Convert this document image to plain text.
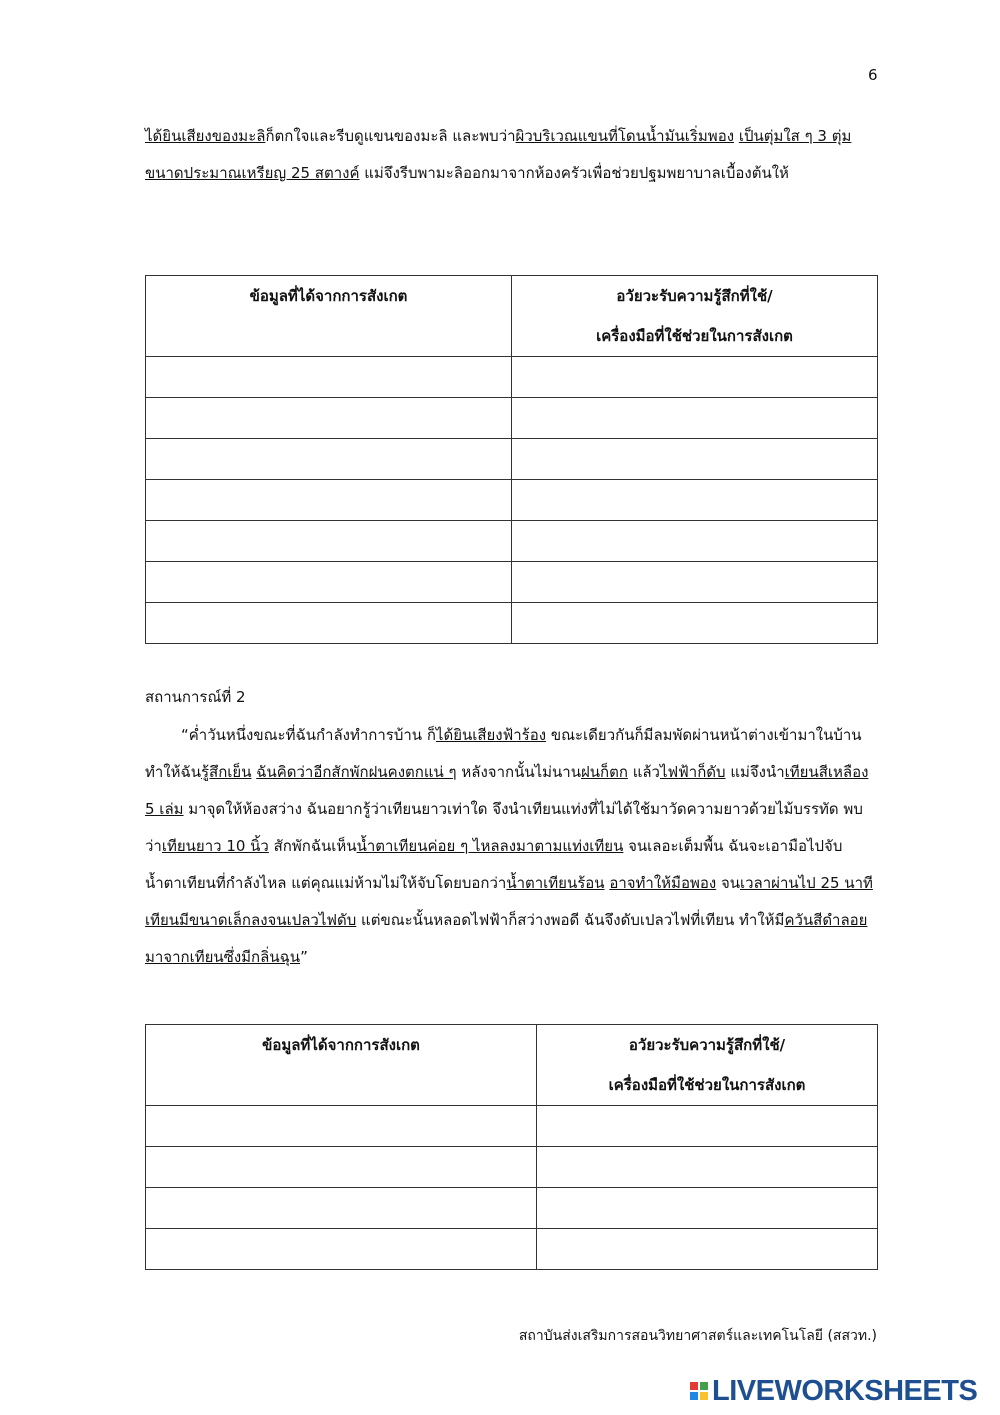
6

ได้ยินเสียงของมะลิก็ตกใจและรีบดูแขนของมะลิ และพบว่าผิวบริเวณแขนที่โดนน้ำมันเริ่มพอง เป็นตุ่มใส ๆ 3 ตุ่ม ขนาดประมาณเหรียญ 25 สตางค์ แม่จึงรีบพามะลิออกมาจากห้องครัวเพื่อช่วยปฐมพยาบาลเบื้องต้นให้

ข้อมูลที่ได้จากการสังเกต	อวัยวะรับความรู้สึกที่ใช้/
เครื่องมือที่ใช้ช่วยในการสังเกต

สถานการณ์ที่ 2

“ค่ำวันหนึ่งขณะที่ฉันกำลังทำการบ้าน ก็ได้ยินเสียงฟ้าร้อง ขณะเดียวกันก็มีลมพัดผ่านหน้าต่างเข้ามาในบ้าน ทำให้ฉันรู้สึกเย็น ฉันคิดว่าอีกสักพักฝนคงตกแน่ ๆ หลังจากนั้นไม่นานฝนก็ตก แล้วไฟฟ้าก็ดับ แม่จึงนำเทียนสีเหลือง 5 เล่ม มาจุดให้ห้องสว่าง ฉันอยากรู้ว่าเทียนยาวเท่าใด จึงนำเทียนแท่งที่ไม่ได้ใช้มาวัดความยาวด้วยไม้บรรทัด พบว่าเทียนยาว 10 นิ้ว สักพักฉันเห็นน้ำตาเทียนค่อย ๆ ไหลลงมาตามแท่งเทียน จนเลอะเต็มพื้น ฉันจะเอามือไปจับน้ำตาเทียนที่กำลังไหล แต่คุณแม่ห้ามไม่ให้จับโดยบอกว่าน้ำตาเทียนร้อน อาจทำให้มือพอง จนเวลาผ่านไป 25 นาที เทียนมีขนาดเล็กลงจนเปลวไฟดับ แต่ขณะนั้นหลอดไฟฟ้าก็สว่างพอดี ฉันจึงดับเปลวไฟที่เทียน ทำให้มีควันสีดำลอยมาจากเทียนซึ่งมีกลิ่นฉุน”

ข้อมูลที่ได้จากการสังเกต	อวัยวะรับความรู้สึกที่ใช้/
เครื่องมือที่ใช้ช่วยในการสังเกต

สถาบันส่งเสริมการสอนวิทยาศาสตร์และเทคโนโลยี (สสวท.)
LIVEWORKSHEETS
